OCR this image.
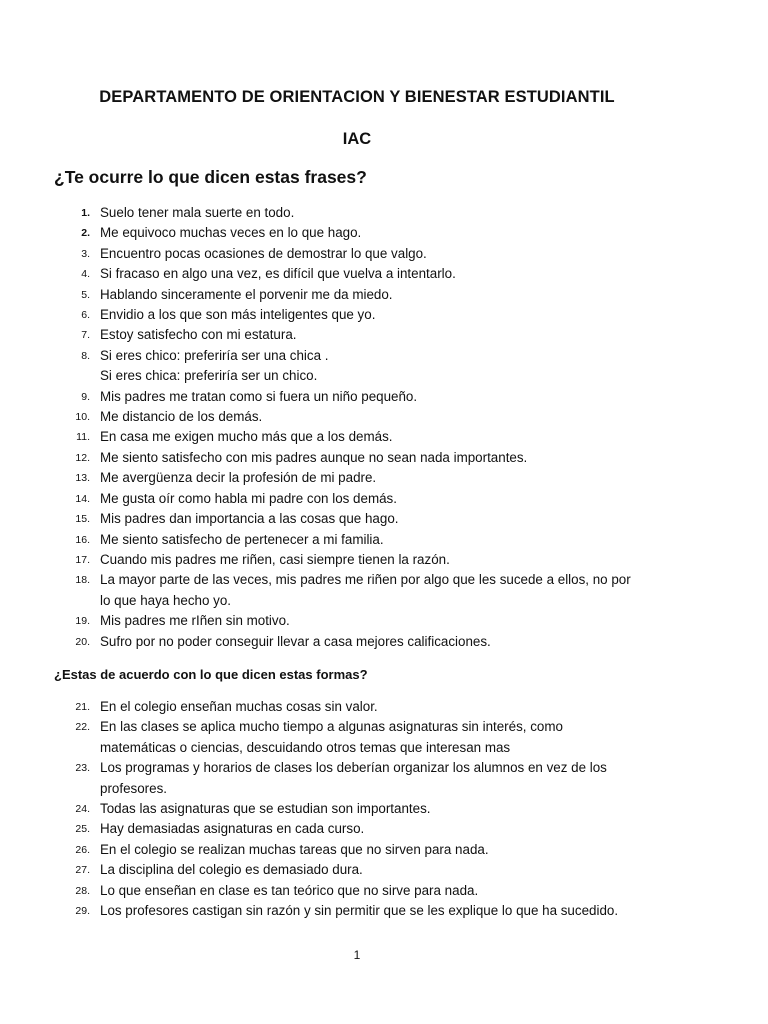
DEPARTAMENTO DE ORIENTACION Y BIENESTAR ESTUDIANTIL
IAC
¿Te ocurre lo que dicen estas frases?
1. Suelo tener mala suerte en todo.
2. Me equivoco muchas veces en lo que hago.
3. Encuentro pocas ocasiones de demostrar lo que valgo.
4. Si fracaso en algo una vez, es difícil que vuelva a intentarlo.
5. Hablando sinceramente el porvenir me da miedo.
6. Envidio a los que son más inteligentes que yo.
7. Estoy satisfecho con mi estatura.
8. Si eres chico: preferiría ser una chica .
Si eres chica: preferiría ser un chico.
9. Mis padres me tratan como si fuera un niño pequeño.
10. Me distancio de los demás.
11. En casa me exigen mucho más que a los demás.
12. Me siento satisfecho con mis padres aunque no sean nada importantes.
13. Me avergüenza decir la profesión de mi padre.
14. Me gusta oír como habla mi padre con los demás.
15. Mis padres dan importancia a las cosas que hago.
16. Me siento satisfecho de pertenecer a mi familia.
17. Cuando mis padres me riñen, casi siempre tienen la razón.
18. La mayor parte de las veces, mis padres me riñen por algo que les sucede a ellos, no por
lo que haya hecho yo.
19. Mis padres me rIñen sin motivo.
20. Sufro por no poder conseguir llevar a casa mejores calificaciones.
¿Estas de acuerdo con lo que dicen estas formas?
21. En el colegio enseñan muchas cosas sin valor.
22. En las clases se aplica mucho tiempo a algunas asignaturas sin interés, como
matemáticas o ciencias, descuidando otros temas que interesan mas
23. Los programas y horarios de clases los deberían organizar los alumnos en vez de los
profesores.
24. Todas las asignaturas que se estudian son importantes.
25. Hay demasiadas asignaturas en cada curso.
26. En el colegio se realizan muchas tareas que no sirven para nada.
27. La disciplina del colegio es demasiado dura.
28. Lo que enseñan en clase es tan teórico que no sirve para nada.
29. Los profesores castigan sin razón y sin permitir que se les explique lo que ha sucedido.
1
